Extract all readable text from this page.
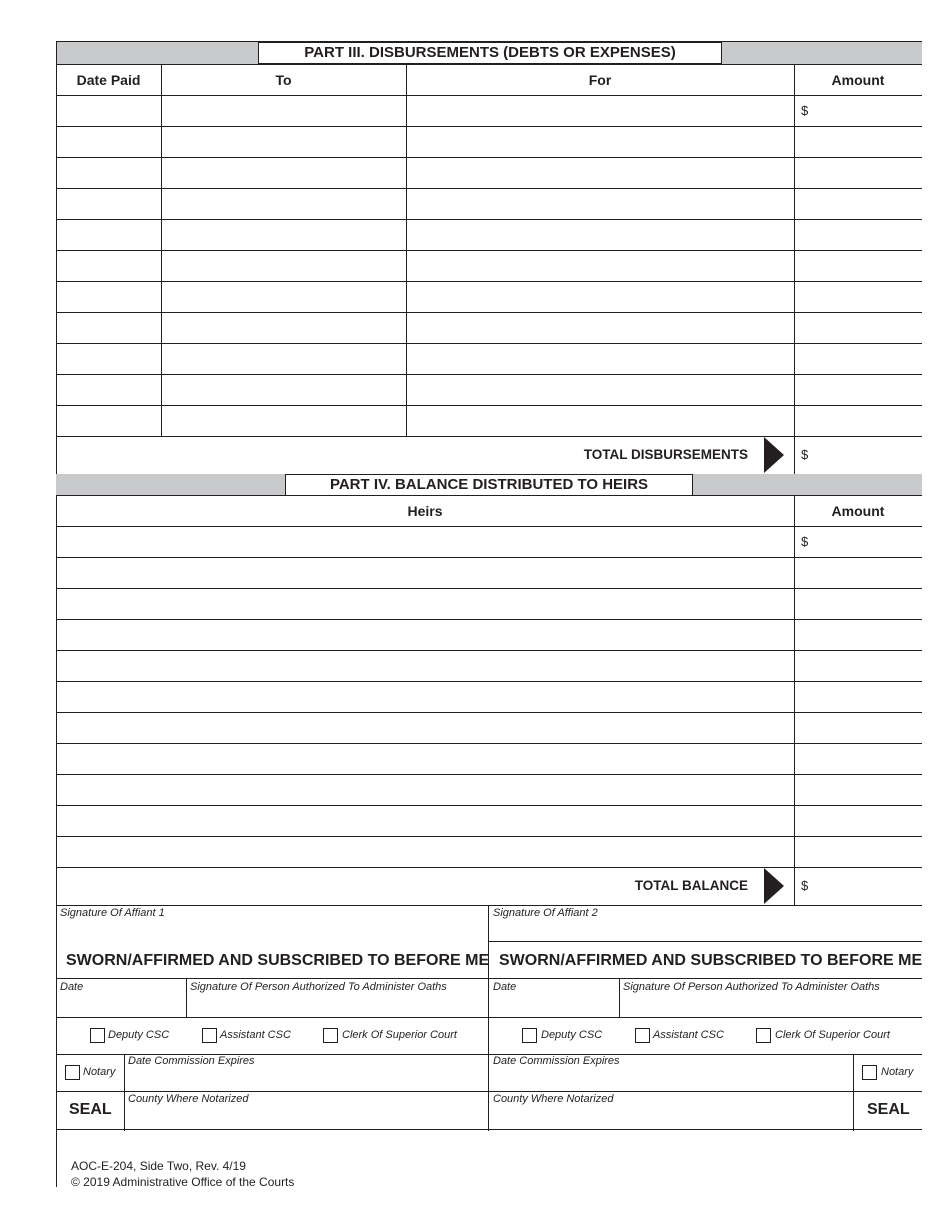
PART III. DISBURSEMENTS (DEBTS OR EXPENSES)
Date Paid	To	For	Amount
$
TOTAL DISBURSEMENTS	$
PART IV. BALANCE DISTRIBUTED TO HEIRS
Heirs	Amount
$
TOTAL BALANCE	$
Signature Of Affiant 1	Signature Of Affiant 2
SWORN/AFFIRMED AND SUBSCRIBED TO BEFORE ME SWORN/AFFIRMED AND SUBSCRIBED TO BEFORE ME
Date	Signature Of Person Authorized To Administer Oaths	Date	Signature Of Person Authorized To Administer Oaths
Deputy CSC	Assistant CSC	Clerk Of Superior Court	Deputy CSC	Assistant CSC	Clerk Of Superior Court
Notary
Date Commission Expires	Date Commission Expires
Notary
SEAL
County Where Notarized	County Where Notarized
SEAL
AOC-E-204, Side Two, Rev. 4/19
© 2019 Administrative Office of the Courts
